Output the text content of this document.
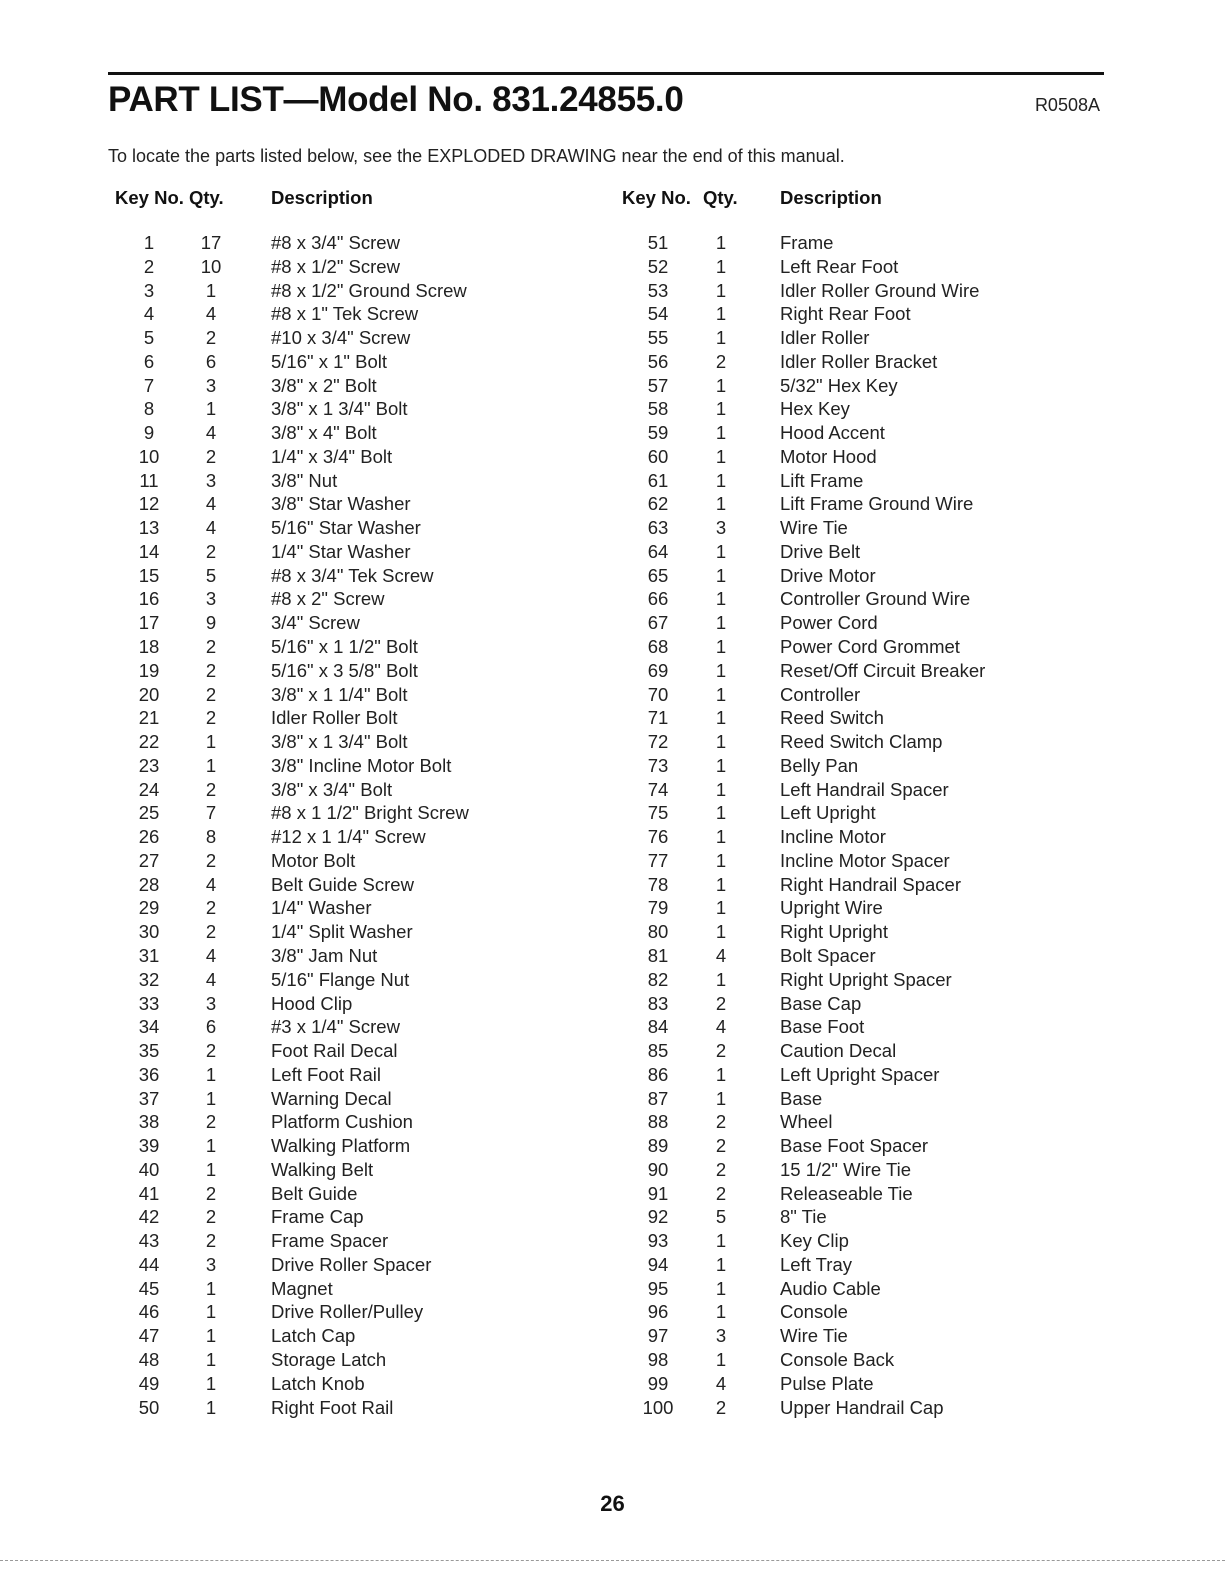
PART LIST—Model No. 831.24855.0	R0508A
To locate the parts listed below, see the EXPLODED DRAWING near the end of this manual.
Key No. Qty.	Description	Key No. Qty. Description
1	17	#8 x 3/4" Screw
2	10	#8 x 1/2" Screw
3	1	#8 x 1/2" Ground Screw
4	4	#8 x 1" Tek Screw
5	2	#10 x 3/4" Screw
6	6	5/16" x 1" Bolt
7	3	3/8" x 2" Bolt
8	1	3/8" x 1 3/4" Bolt
9	4	3/8" x 4" Bolt
10	2	1/4" x 3/4" Bolt
11	3	3/8" Nut
12	4	3/8" Star Washer
13	4	5/16" Star Washer
14	2	1/4" Star Washer
15	5	#8 x 3/4" Tek Screw
16	3	#8 x 2" Screw
17	9	3/4" Screw
18	2	5/16" x 1 1/2" Bolt
19	2	5/16" x 3 5/8" Bolt
20	2	3/8" x 1 1/4" Bolt
21	2	Idler Roller Bolt
22	1	3/8" x 1 3/4" Bolt
23	1	3/8" Incline Motor Bolt
24	2	3/8" x 3/4" Bolt
25	7	#8 x 1 1/2" Bright Screw
26	8	#12 x 1 1/4" Screw
27	2	Motor Bolt
28	4	Belt Guide Screw
29	2	1/4" Washer
30	2	1/4" Split Washer
31	4	3/8" Jam Nut
32	4	5/16" Flange Nut
33	3	Hood Clip
34	6	#3 x 1/4" Screw
35	2	Foot Rail Decal
36	1	Left Foot Rail
37	1	Warning Decal
38	2	Platform Cushion
39	1	Walking Platform
40	1	Walking Belt
41	2	Belt Guide
42	2	Frame Cap
43	2	Frame Spacer
44	3	Drive Roller Spacer
45	1	Magnet
46	1	Drive Roller/Pulley
47	1	Latch Cap
48	1	Storage Latch
49	1	Latch Knob
50	1	Right Foot Rail
51	1	Frame
52	1	Left Rear Foot
53	1	Idler Roller Ground Wire
54	1	Right Rear Foot
55	1	Idler Roller
56	2	Idler Roller Bracket
57	1	5/32" Hex Key
58	1	Hex Key
59	1	Hood Accent
60	1	Motor Hood
61	1	Lift Frame
62	1	Lift Frame Ground Wire
63	3	Wire Tie
64	1	Drive Belt
65	1	Drive Motor
66	1	Controller Ground Wire
67	1	Power Cord
68	1	Power Cord Grommet
69	1	Reset/Off Circuit Breaker
70	1	Controller
71	1	Reed Switch
72	1	Reed Switch Clamp
73	1	Belly Pan
74	1	Left Handrail Spacer
75	1	Left Upright
76	1	Incline Motor
77	1	Incline Motor Spacer
78	1	Right Handrail Spacer
79	1	Upright Wire
80	1	Right Upright
81	4	Bolt Spacer
82	1	Right Upright Spacer
83	2	Base Cap
84	4	Base Foot
85	2	Caution Decal
86	1	Left Upright Spacer
87	1	Base
88	2	Wheel
89	2	Base Foot Spacer
90	2	15 1/2" Wire Tie
91	2	Releaseable Tie
92	5	8" Tie
93	1	Key Clip
94	1	Left Tray
95	1	Audio Cable
96	1	Console
97	3	Wire Tie
98	1	Console Back
99	4	Pulse Plate
100	2	Upper Handrail Cap
26
